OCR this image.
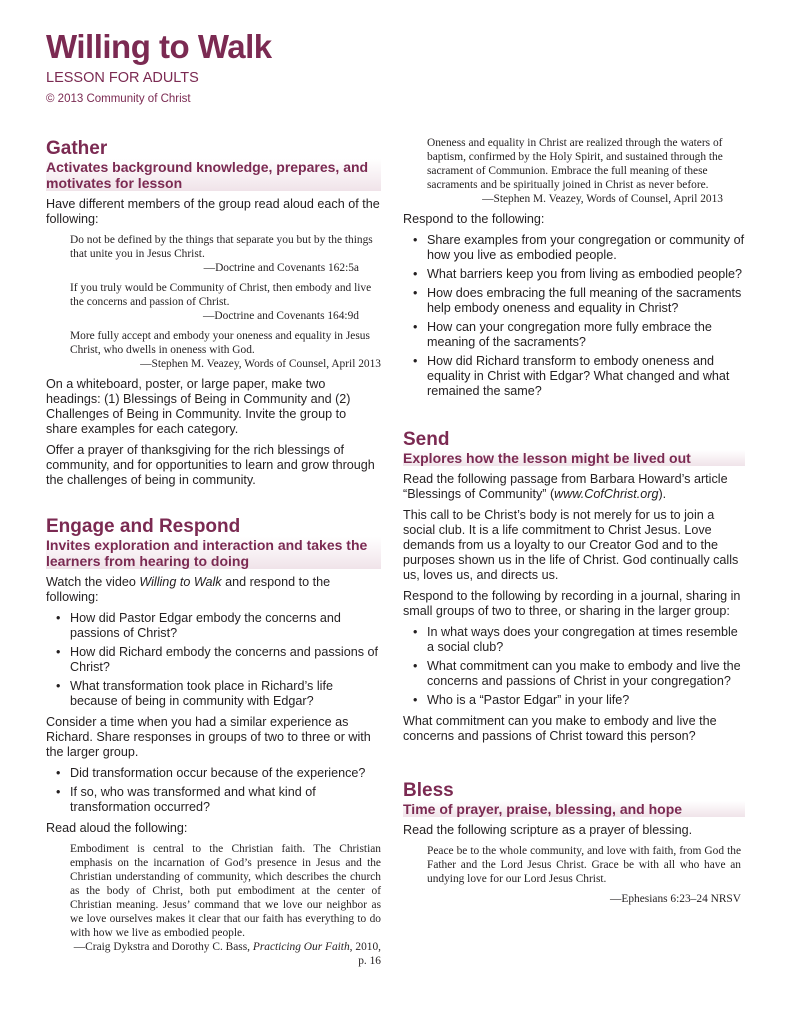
Willing to Walk
LESSON FOR ADULTS
© 2013 Community of Christ
Gather
Activates background knowledge, prepares, and motivates for lesson
Have different members of the group read aloud each of the following:
Do not be defined by the things that separate you but by the things that unite you in Jesus Christ.
—Doctrine and Covenants 162:5a
If you truly would be Community of Christ, then embody and live the concerns and passion of Christ.
—Doctrine and Covenants 164:9d
More fully accept and embody your oneness and equality in Jesus Christ, who dwells in oneness with God.
—Stephen M. Veazey, Words of Counsel, April 2013
On a whiteboard, poster, or large paper, make two headings: (1) Blessings of Being in Community and (2) Challenges of Being in Community. Invite the group to share examples for each category.
Offer a prayer of thanksgiving for the rich blessings of community, and for opportunities to learn and grow through the challenges of being in community.
Engage and Respond
Invites exploration and interaction and takes the learners from hearing to doing
Watch the video Willing to Walk and respond to the following:
• How did Pastor Edgar embody the concerns and passions of Christ?
• How did Richard embody the concerns and passions of Christ?
• What transformation took place in Richard’s life because of being in community with Edgar?
Consider a time when you had a similar experience as Richard. Share responses in groups of two to three or with the larger group.
• Did transformation occur because of the experience?
• If so, who was transformed and what kind of transformation occurred?
Read aloud the following:
Embodiment is central to the Christian faith. The Christian emphasis on the incarnation of God’s presence in Jesus and the Christian understanding of community, which describes the church as the body of Christ, both put embodiment at the center of Christian meaning. Jesus’ command that we love our neighbor as we love ourselves makes it clear that our faith has everything to do with how we live as embodied people.
—Craig Dykstra and Dorothy C. Bass, Practicing Our Faith, 2010, p. 16
Oneness and equality in Christ are realized through the waters of baptism, confirmed by the Holy Spirit, and sustained through the sacrament of Communion. Embrace the full meaning of these sacraments and be spiritually joined in Christ as never before.
—Stephen M. Veazey, Words of Counsel, April 2013
Respond to the following:
• Share examples from your congregation or community of how you live as embodied people.
• What barriers keep you from living as embodied people?
• How does embracing the full meaning of the sacraments help embody oneness and equality in Christ?
• How can your congregation more fully embrace the meaning of the sacraments?
• How did Richard transform to embody oneness and equality in Christ with Edgar? What changed and what remained the same?
Send
Explores how the lesson might be lived out
Read the following passage from Barbara Howard’s article “Blessings of Community” (www.CofChrist.org).
This call to be Christ’s body is not merely for us to join a social club. It is a life commitment to Christ Jesus. Love demands from us a loyalty to our Creator God and to the purposes shown us in the life of Christ. God continually calls us, loves us, and directs us.
Respond to the following by recording in a journal, sharing in small groups of two to three, or sharing in the larger group:
• In what ways does your congregation at times resemble a social club?
• What commitment can you make to embody and live the concerns and passions of Christ in your congregation?
• Who is a “Pastor Edgar” in your life?
What commitment can you make to embody and live the concerns and passions of Christ toward this person?
Bless
Time of prayer, praise, blessing, and hope
Read the following scripture as a prayer of blessing.
Peace be to the whole community, and love with faith, from God the Father and the Lord Jesus Christ. Grace be with all who have an undying love for our Lord Jesus Christ.
—Ephesians 6:23–24 NRSV
